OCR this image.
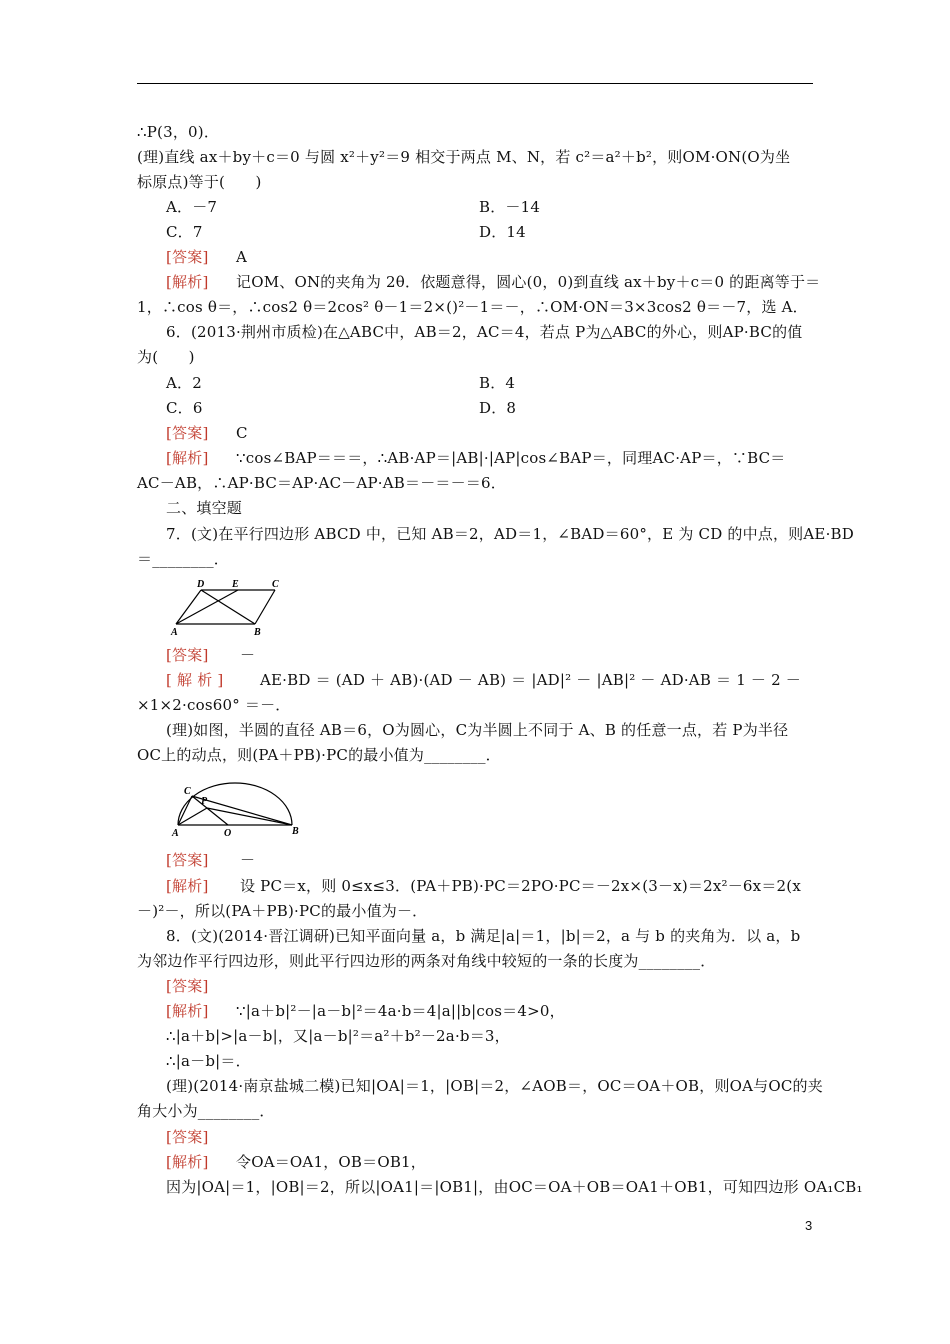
∴P(3，0)．
(理)直线 ax＋by＋c＝0 与圆 x²＋y²＝9 相交于两点 M、N，若 c²＝a²＋b²，则OM·ON(O为坐
标原点)等于(　　)
A．－7	B．－14
C．7	D．14
[答案] A
[解析] 记OM、ON的夹角为 2θ．依题意得，圆心(0，0)到直线 ax＋by＋c＝0 的距离等于＝
1，∴cos θ＝，∴cos2 θ＝2cos² θ－1＝2×()²－1＝－，∴OM·ON＝3×3cos2 θ＝－7，选 A．
6．(2013·荆州市质检)在△ABC中，AB＝2，AC＝4，若点 P为△ABC的外心，则AP·BC的值
为(　　)
A．2	B．4
C．6	D．8
[答案] C
[解析] ∵cos∠BAP＝＝＝，∴AB·AP＝|AB|·|AP|cos∠BAP＝，同理AC·AP＝，∵BC＝
AC－AB，∴AP·BC＝AP·AC－AP·AB＝－＝－＝6．
二、填空题
7．(文)在平行四边形 ABCD 中，已知 AB＝2，AD＝1，∠BAD＝60°，E 为 CD 的中点，则AE·BD
＝________．
D	E	C
A	B
[答案] －
[ 解 析 ] AE·BD ＝ (AD ＋ AB)·(AD － AB) ＝ |AD|² － |AB|² － AD·AB ＝ 1 － 2 －
×1×2·cos60° ＝－．
(理)如图，半圆的直径 AB＝6，O为圆心，C为半圆上不同于 A、B 的任意一点，若 P为半径
OC上的动点，则(PA＋PB)·PC的最小值为________．
C
P
A	O	B
[答案] －
[解析] 设 PC＝x，则 0≤x≤3．(PA＋PB)·PC＝2PO·PC＝－2x×(3－x)＝2x²－6x＝2(x
－)²－，所以(PA＋PB)·PC的最小值为－．
8．(文)(2014·晋江调研)已知平面向量 a，b 满足|a|＝1，|b|＝2，a 与 b 的夹角为．以 a，b
为邻边作平行四边形，则此平行四边形的两条对角线中较短的一条的长度为________．
[答案]
[解析] ∵|a＋b|²－|a－b|²＝4a·b＝4|a||b|cos＝4>0，
∴|a＋b|>|a－b|，又|a－b|²＝a²＋b²－2a·b＝3，
∴|a－b|＝．
(理)(2014·南京盐城二模)已知|OA|＝1，|OB|＝2，∠AOB＝，OC＝OA＋OB，则OA与OC的夹
角大小为________．
[答案]
[解析] 令OA＝OA1，OB＝OB1，
因为|OA|＝1，|OB|＝2，所以|OA1|＝|OB1|，由OC＝OA＋OB＝OA1＋OB1，可知四边形 OA₁CB₁
3
